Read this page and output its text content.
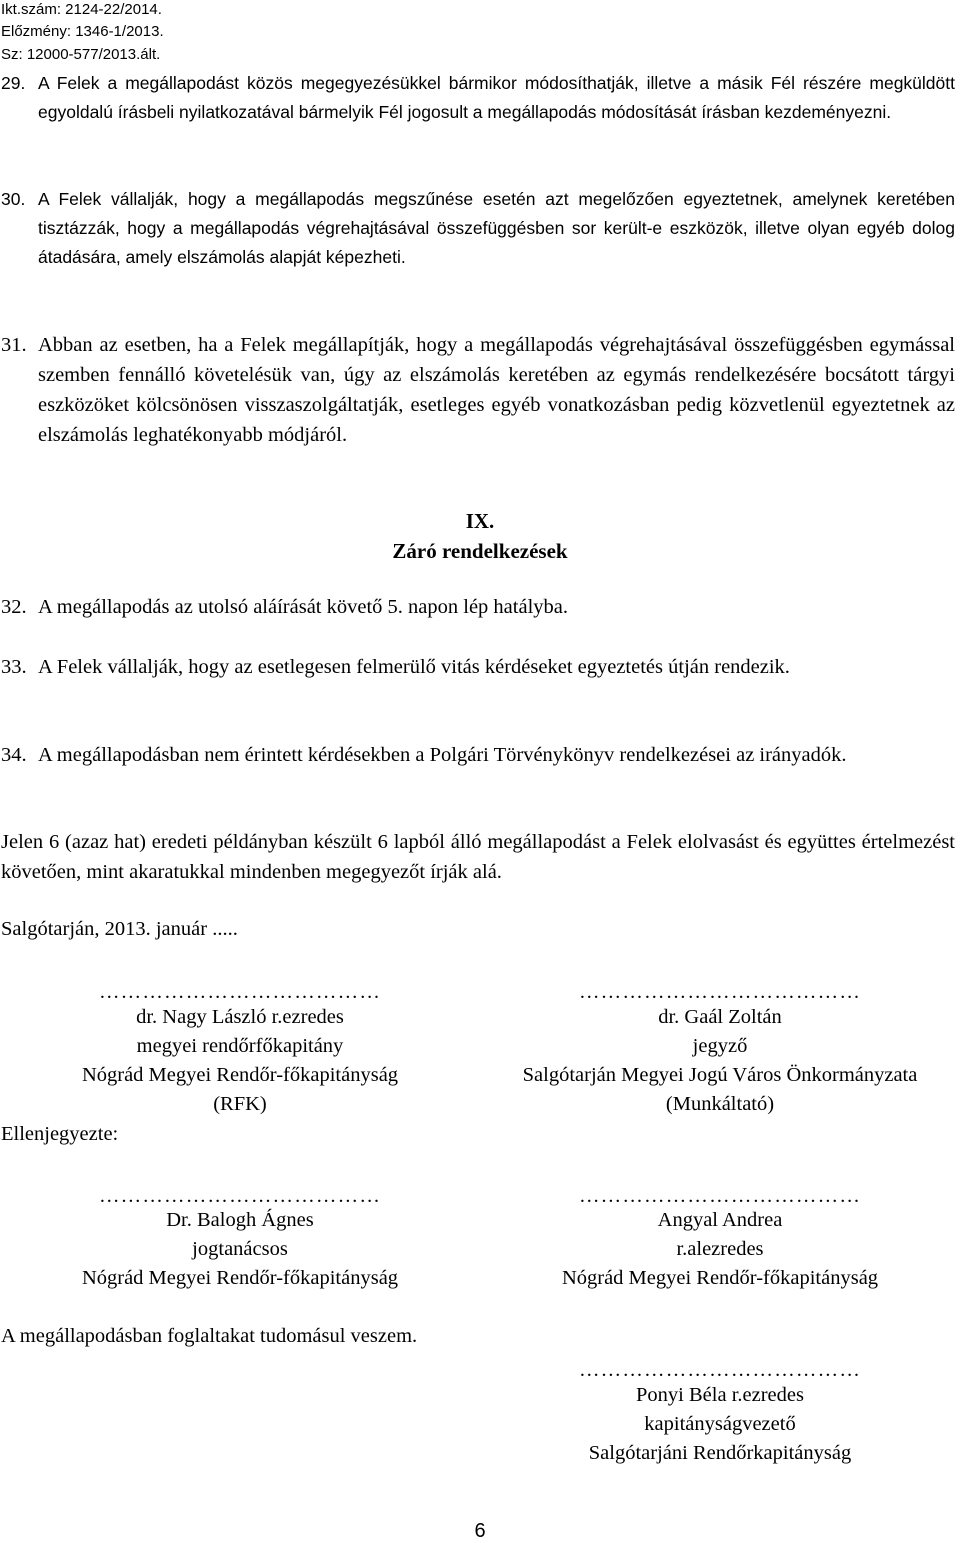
Ikt.szám: 2124-22/2014.
Előzmény: 1346-1/2013.
Sz: 12000-577/2013.ált.
29. A Felek a megállapodást közös megegyezésükkel bármikor módosíthatják, illetve a másik Fél részére megküldött egyoldalú írásbeli nyilatkozatával bármelyik Fél jogosult a megállapodás módosítását írásban kezdeményezni.
30. A Felek vállalják, hogy a megállapodás megszűnése esetén azt megelőzően egyeztetnek, amelynek keretében tisztázzák, hogy a megállapodás végrehajtásával összefüggésben sor került-e eszközök, illetve olyan egyéb dolog átadására, amely elszámolás alapját képezheti.
31. Abban az esetben, ha a Felek megállapítják, hogy a megállapodás végrehajtásával összefüggésben egymással szemben fennálló követelésük van, úgy az elszámolás keretében az egymás rendelkezésére bocsátott tárgyi eszközöket kölcsönösen visszaszolgáltatják, esetleges egyéb vonatkozásban pedig közvetlenül egyeztetnek az elszámolás leghatékonyabb módjáról.
IX.
Záró rendelkezések
32. A megállapodás az utolsó aláírását követő 5. napon lép hatályba.
33. A Felek vállalják, hogy az esetlegesen felmerülő vitás kérdéseket egyeztetés útján rendezik.
34. A megállapodásban nem érintett kérdésekben a Polgári Törvénykönyv rendelkezései az irányadók.
Jelen 6 (azaz hat) eredeti példányban készült 6 lapból álló megállapodást a Felek elolvasást és együttes értelmezést követően, mint akaratukkal mindenben megegyezőt írják alá.
Salgótarján, 2013. január .....
…………………………………	…………………………………
dr. Nagy László r.ezredes
megyei rendőrfőkapitány
Nógrád Megyei Rendőr-főkapitányság
(RFK)
dr. Gaál Zoltán
jegyző
Salgótarján Megyei Jogú Város Önkormányzata
(Munkáltató)
Ellenjegyezte:
…………………………………	…………………………………
Dr. Balogh Ágnes
jogtanácsos
Nógrád Megyei Rendőr-főkapitányság
Angyal Andrea
r.alezredes
Nógrád Megyei Rendőr-főkapitányság
A megállapodásban foglaltakat tudomásul veszem.
…………………………………
Ponyi Béla r.ezredes
kapitányságvezető
Salgótarjáni Rendőrkapitányság
6
